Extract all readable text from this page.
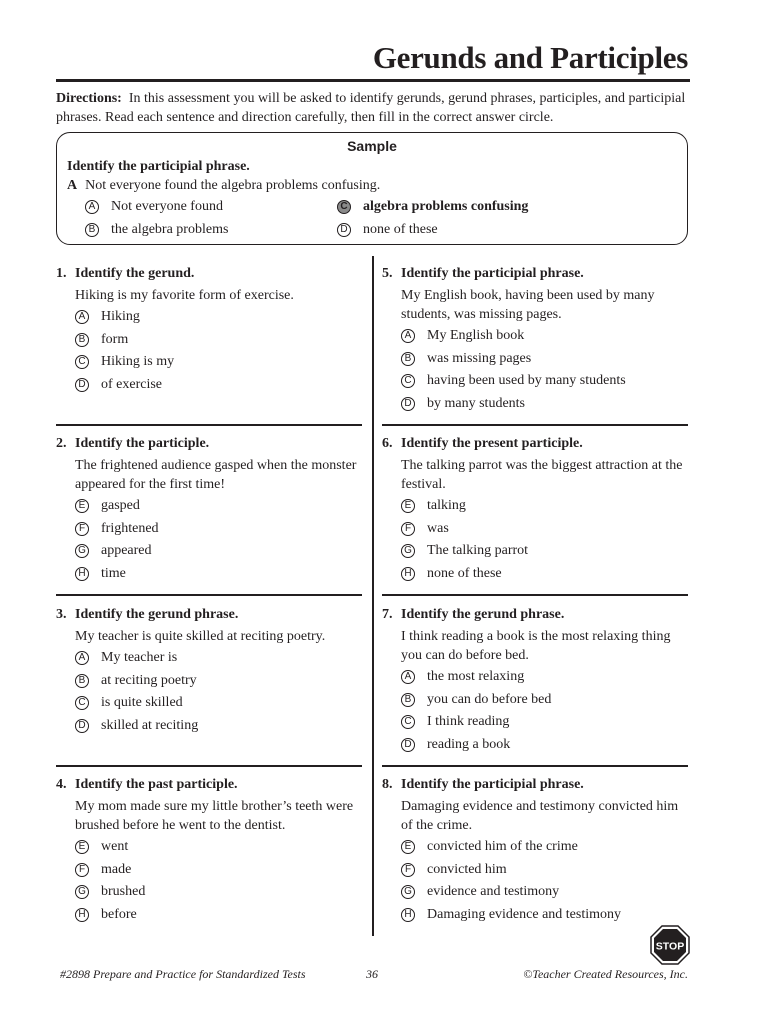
Gerunds and Participles
Directions: In this assessment you will be asked to identify gerunds, gerund phrases, participles, and participial phrases. Read each sentence and direction carefully, then fill in the correct answer circle.
Sample
Identify the participial phrase.
A Not everyone found the algebra problems confusing.
A Not everyone found
B the algebra problems
C algebra problems confusing
D none of these
1. Identify the gerund.
Hiking is my favorite form of exercise.
A Hiking
B form
C Hiking is my
D of exercise
2. Identify the participle.
The frightened audience gasped when the monster appeared for the first time!
E gasped
F frightened
G appeared
H time
3. Identify the gerund phrase.
My teacher is quite skilled at reciting poetry.
A My teacher is
B at reciting poetry
C is quite skilled
D skilled at reciting
4. Identify the past participle.
My mom made sure my little brother’s teeth were brushed before he went to the dentist.
E went
F made
G brushed
H before
5. Identify the participial phrase.
My English book, having been used by many students, was missing pages.
A My English book
B was missing pages
C having been used by many students
D by many students
6. Identify the present participle.
The talking parrot was the biggest attraction at the festival.
E talking
F was
G The talking parrot
H none of these
7. Identify the gerund phrase.
I think reading a book is the most relaxing thing you can do before bed.
A the most relaxing
B you can do before bed
C I think reading
D reading a book
8. Identify the participial phrase.
Damaging evidence and testimony convicted him of the crime.
E convicted him of the crime
F convicted him
G evidence and testimony
H Damaging evidence and testimony
STOP
#2898 Prepare and Practice for Standardized Tests	36	©Teacher Created Resources, Inc.
